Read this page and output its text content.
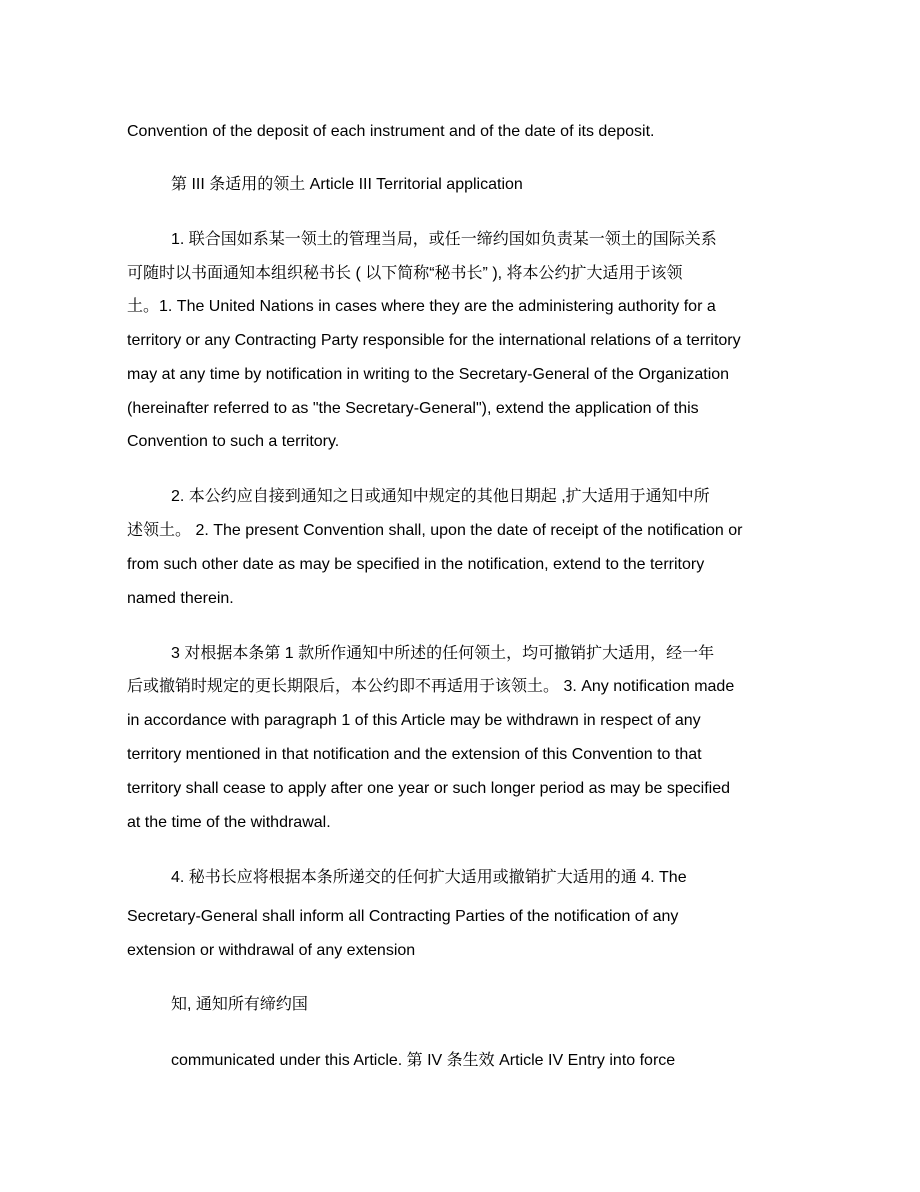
Convention of the deposit of each instrument and of the date of its deposit.
第 III 条适用的领土 Article III Territorial application
1. 联合国如系某一领土的管理当局，或任一缔约国如负责某一领土的国际关系
可随时以书面通知本组织秘书长 ( 以下简称“秘书长” ), 将本公约扩大适用于该领
土。1. The United Nations in cases where they are the administering authority for a
territory or any Contracting Party responsible for the international relations of a territory
may at any time by notification in writing to the Secretary-General of the Organization
(hereinafter referred to as "the Secretary-General"), extend the application of this
Convention to such a territory.
2. 本公约应自接到通知之日或通知中规定的其他日期起 ,扩大适用于通知中所
述领土。 2. The present Convention shall, upon the date of receipt of the notification or
from such other date as may be specified in the notification, extend to the territory
named therein.
3 对根据本条第 1 款所作通知中所述的任何领土，均可撤销扩大适用，经一年
后或撤销时规定的更长期限后，本公约即不再适用于该领土。 3. Any notification made
in accordance with paragraph 1 of this Article may be withdrawn in respect of any
territory mentioned in that notification and the extension of this Convention to that
territory shall cease to apply after one year or such longer period as may be specified
at the time of the withdrawal.
4. 秘书长应将根据本条所递交的任何扩大适用或撤销扩大适用的通 4. The
Secretary-General shall inform all Contracting Parties of the notification of any
extension or withdrawal of any extension
知, 通知所有缔约国
communicated under this Article. 第 IV 条生效 Article IV Entry into force
